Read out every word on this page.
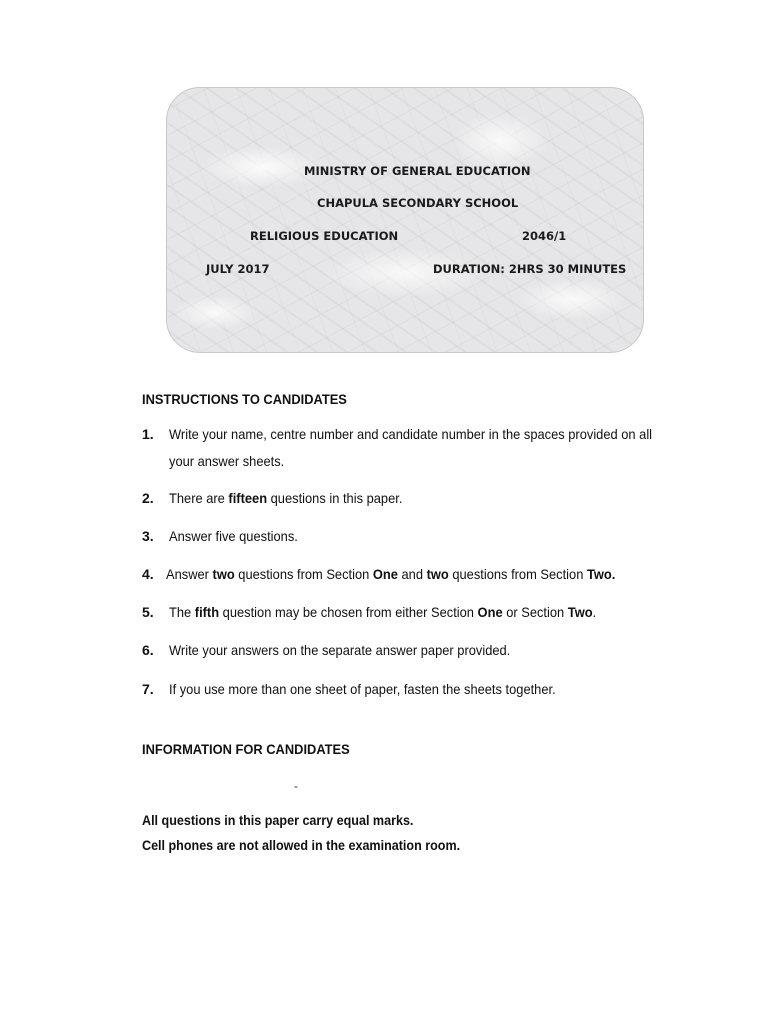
MINISTRY OF GENERAL EDUCATION
CHAPULA SECONDARY SCHOOL
RELIGIOUS EDUCATION	2046/1
JULY 2017	DURATION: 2HRS 30 MINUTES
INSTRUCTIONS TO CANDIDATES
1. Write your name, centre number and candidate number in the spaces provided on all
your answer sheets.
2. There are fifteen questions in this paper.
3. Answer five questions.
4. Answer two questions from Section One and two questions from Section Two.
5. The fifth question may be chosen from either Section One or Section Two.
6. Write your answers on the separate answer paper provided.
7. If you use more than one sheet of paper, fasten the sheets together.
INFORMATION FOR CANDIDATES
-
All questions in this paper carry equal marks.
Cell phones are not allowed in the examination room.
